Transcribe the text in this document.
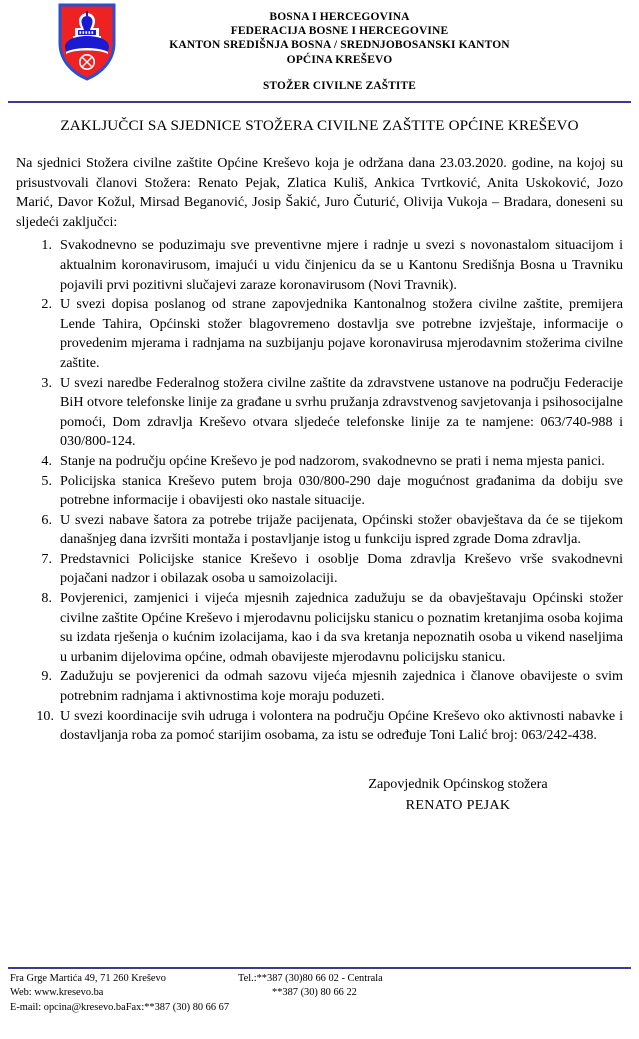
BOSNA I HERCEGOVINA
FEDERACIJA BOSNE I HERCEGOVINE
KANTON SREDIŠNJA BOSNA / SREDNJOBOSANSKI KANTON
OPĆINA KREŠEVO
STOŽER CIVILNE ZAŠTITE
ZAKLJUČCI SA SJEDNICE STOŽERA CIVILNE ZAŠTITE OPĆINE KREŠEVO

Na sjednici Stožera civilne zaštite Općine Kreševo koja je održana dana 23.03.2020. godine, na kojoj su prisustvovali članovi Stožera: Renato Pejak, Zlatica Kuliš, Ankica Tvrtković, Anita Uskoković, Jozo Marić, Davor Kožul, Mirsad Beganović, Josip Šakić, Juro Čuturić, Olivija Vukoja – Bradara, doneseni su sljedeći zaključci:

1. Svakodnevno se poduzimaju sve preventivne mjere i radnje u svezi s novonastalom situacijom i aktualnim koronavirusom, imajući u vidu činjenicu da se u Kantonu Središnja Bosna u Travniku pojavili prvi pozitivni slučajevi zaraze koronavirusom (Novi Travnik).
2. U svezi dopisa poslanog od strane zapovjednika Kantonalnog stožera civilne zaštite, premijera Lende Tahira, Općinski stožer blagovremeno dostavlja sve potrebne izvještaje, informacije o provedenim mjerama i radnjama na suzbijanju pojave koronavirusa mjerodavnim stožerima civilne zaštite.
3. U svezi naredbe Federalnog stožera civilne zaštite da zdravstvene ustanove na području Federacije BiH otvore telefonske linije za građane u svrhu pružanja zdravstvenog savjetovanja i psihosocijalne pomoći, Dom zdravlja Kreševo otvara sljedeće telefonske linije za te namjene: 063/740-988 i 030/800-124.
4. Stanje na području općine Kreševo je pod nadzorom, svakodnevno se prati i nema mjesta panici.
5. Policijska stanica Kreševo putem broja 030/800-290 daje mogućnost građanima da dobiju sve potrebne informacije i obavijesti oko nastale situacije.
6. U svezi nabave šatora za potrebe trijaže pacijenata, Općinski stožer obavještava da će se tijekom današnjeg dana izvršiti montaža i postavljanje istog u funkciju ispred zgrade Doma zdravlja.
7. Predstavnici Policijske stanice Kreševo i osoblje Doma zdravlja Kreševo vrše svakodnevni pojačani nadzor i obilazak osoba u samoizolaciji.
8. Povjerenici, zamjenici i vijeća mjesnih zajednica zadužuju se da obavještavaju Općinski stožer civilne zaštite Općine Kreševo i mjerodavnu policijsku stanicu o poznatim kretanjima osoba kojima su izdata rješenja o kućnim izolacijama, kao i da sva kretanja nepoznatih osoba u vikend naseljima u urbanim dijelovima općine, odmah obavijeste mjerodavnu policijsku stanicu.
9. Zadužuju se povjerenici da odmah sazovu vijeća mjesnih zajednica i članove obavijeste o svim potrebnim radnjama i aktivnostima koje moraju poduzeti.
10. U svezi koordinacije svih udruga i volontera na području Općine Kreševo oko aktivnosti nabavke i dostavljanja roba za pomoć starijim osobama, za istu se određuje Toni Lalić broj: 063/242-438.
Zapovjednik Općinskog stožera
RENATO PEJAK
Fra Grge Martića 49, 71 260 Kreševo	Tel.:**387 (30)80 66 02 - Centrala
Web: www.kresevo.ba	**387 (30) 80 66 22
E-mail: opcina@kresevo.baFax:**387 (30) 80 66 67
